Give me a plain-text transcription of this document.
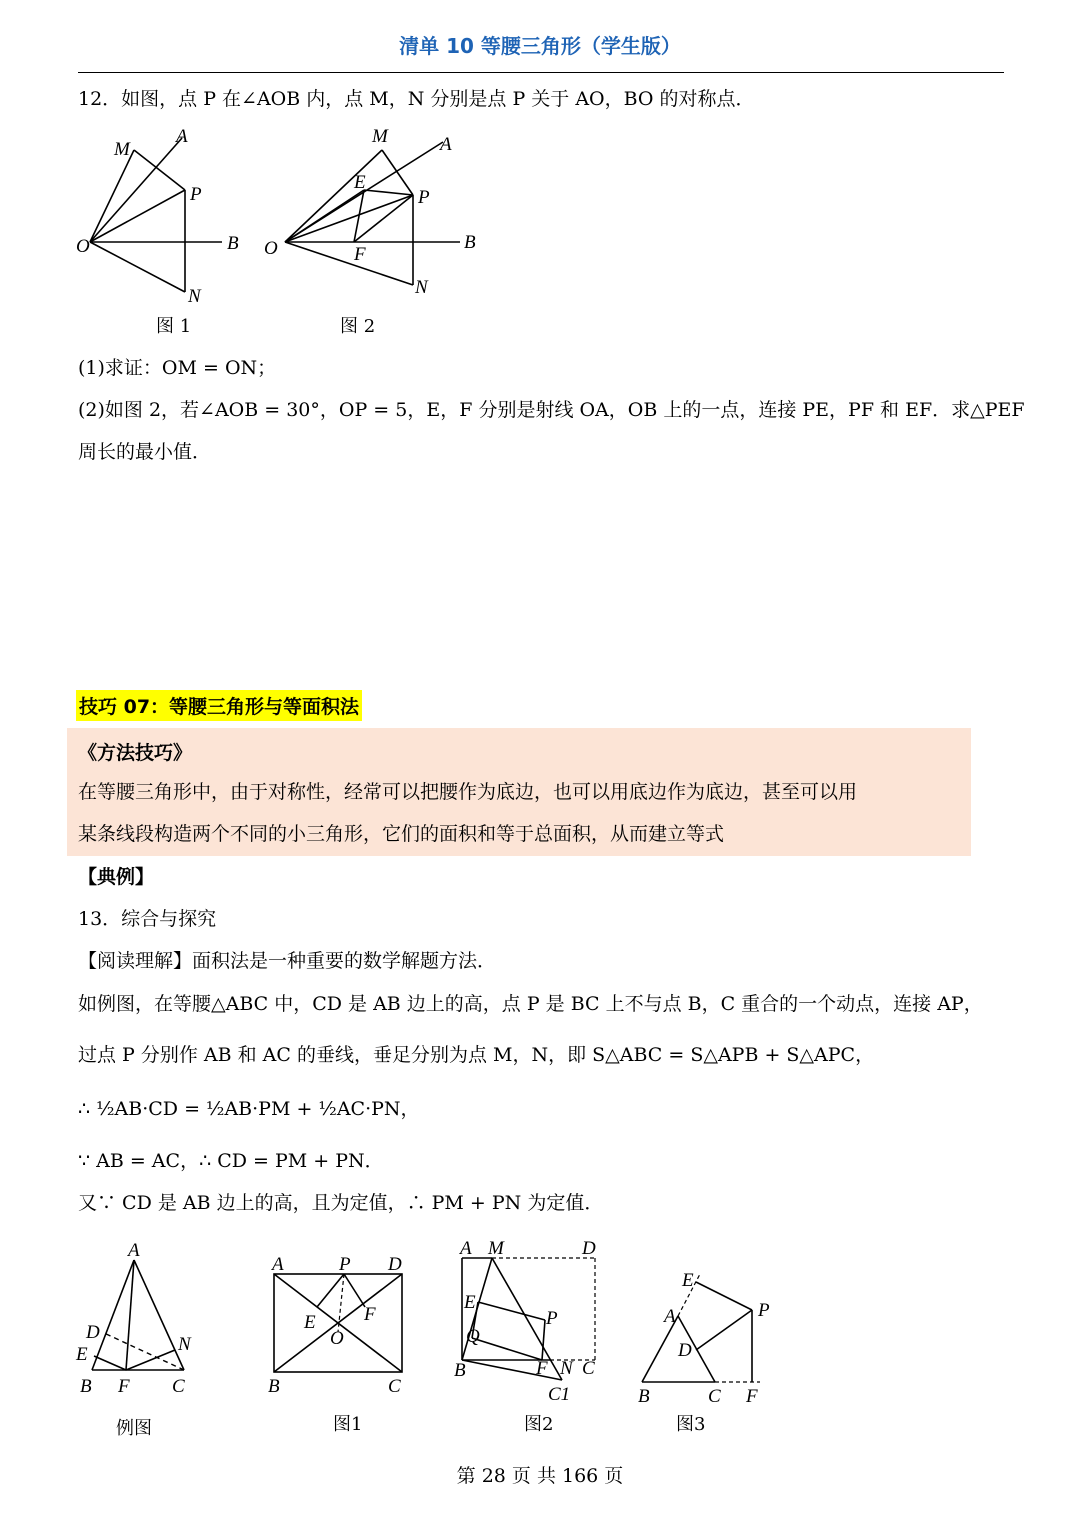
清单 10 等腰三角形（学生版）
12．如图，点 P 在∠AOB 内，点 M，N 分别是点 P 关于 AO，BO 的对称点．
M
A
P
O	B
N
图 1
M	A
E
P
O	F
B
N
图 2
(1)求证：OM = ON；
(2)如图 2，若∠AOB = 30°，OP = 5，E，F 分别是射线 OA，OB 上的一点，连接 PE，PF 和 EF．求△PEF
周长的最小值．
技巧 07：等腰三角形与等面积法
《方法技巧》
在等腰三角形中，由于对称性，经常可以把腰作为底边，也可以用底边作为底边，甚至可以用
某条线段构造两个不同的小三角形，它们的面积和等于总面积，从而建立等式
【典例】
13．综合与探究
【阅读理解】面积法是一种重要的数学解题方法．
如例图，在等腰△ABC 中，CD 是 AB 边上的高，点 P 是 BC 上不与点 B，C 重合的一个动点，连接 AP，
过点 P 分别作 AB 和 AC 的垂线，垂足分别为点 M，N，即 S△ABC = S△APB + S△APC，
∴ ½AB·CD = ½AB·PM + ½AC·PN，
∵ AB = AC，∴ CD = PM + PN．
又∵ CD 是 AB 边上的高，且为定值，∴ PM + PN 为定值．
A
D
E	N
B F C
例图
A	P D
F
E
O
B	C
图1
A M	D
E
P
Q
B	F N C
C1
图2
E
A	P
D
B	C F
图3
第 28 页 共 166 页
